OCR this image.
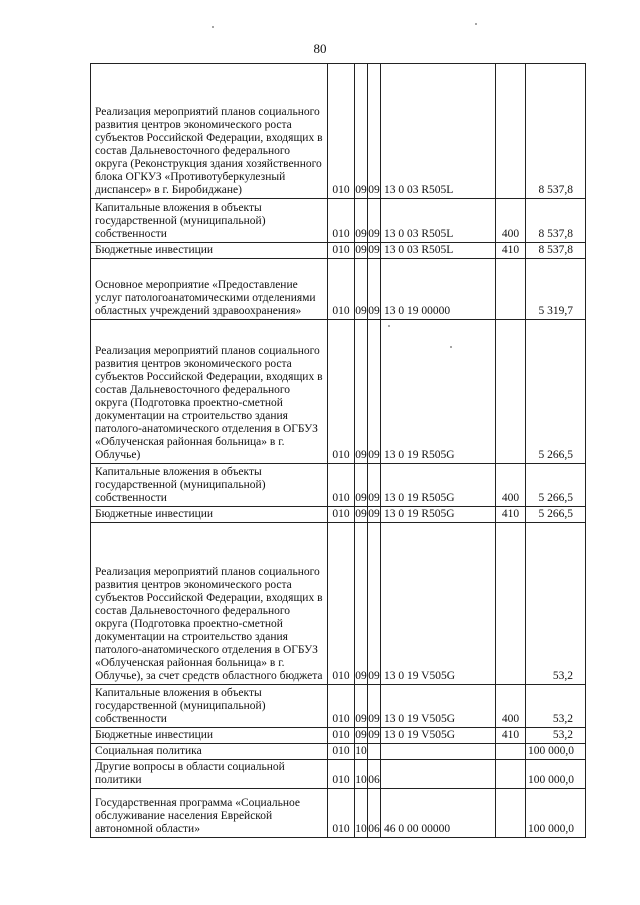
80
Реализация мероприятий планов социального развития центров экономического роста субъектов Российской Федерации, входящих в состав Дальневосточного федерального округа (Реконструкция здания хозяйственного блока ОГКУЗ «Противотуберкулезный диспансер» в г. Биробиджане)	010	09	09	13 0 03 R505L		8 537,8
Капитальные вложения в объекты государственной (муниципальной) собственности	010	09	09	13 0 03 R505L	400	8 537,8
Бюджетные инвестиции	010	09	09	13 0 03 R505L	410	8 537,8
Основное мероприятие «Предоставление услуг патологоанатомическими отделениями областных учреждений здравоохранения»	010	09	09	13 0 19 00000		5 319,7
Реализация мероприятий планов социального развития центров экономического роста субъектов Российской Федерации, входящих в состав Дальневосточного федерального округа (Подготовка проектно-сметной документации на строительство здания патолого-анатомического отделения в ОГБУЗ «Облученская районная больница» в г. Облучье)	010	09	09	13 0 19 R505G		5 266,5
Капитальные вложения в объекты государственной (муниципальной) собственности	010	09	09	13 0 19 R505G	400	5 266,5
Бюджетные инвестиции	010	09	09	13 0 19 R505G	410	5 266,5
Реализация мероприятий планов социального развития центров экономического роста субъектов Российской Федерации, входящих в состав Дальневосточного федерального округа (Подготовка проектно-сметной документации на строительство здания патолого-анатомического отделения в ОГБУЗ «Облученская районная больница» в г. Облучье), за счет средств областного бюджета	010	09	09	13 0 19 V505G		53,2
Капитальные вложения в объекты государственной (муниципальной) собственности	010	09	09	13 0 19 V505G	400	53,2
Бюджетные инвестиции	010	09	09	13 0 19 V505G	410	53,2
Социальная политика	010	10				100 000,0
Другие вопросы в области социальной политики	010	10	06			100 000,0
Государственная программа «Социальное обслуживание населения Еврейской автономной области»	010	10	06	46 0 00 00000		100 000,0
